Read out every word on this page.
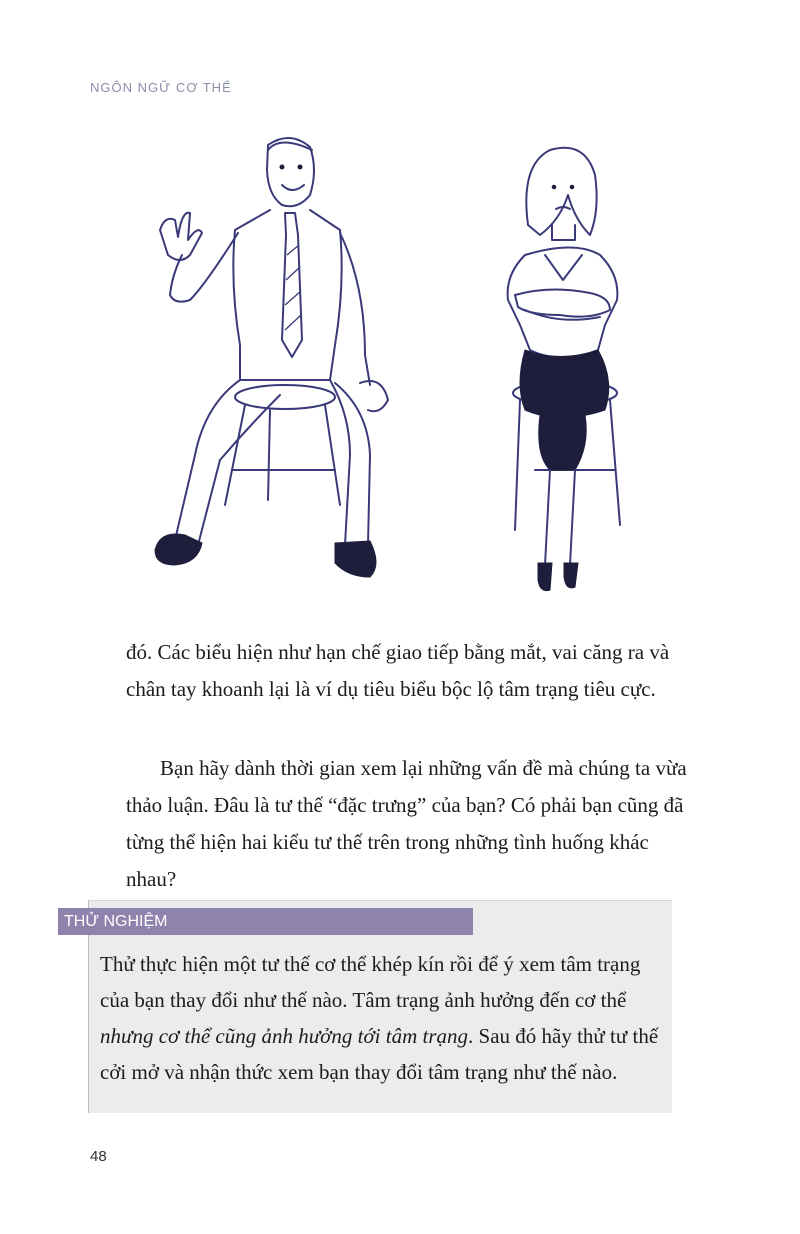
NGÔN NGỮ CƠ THỂ

đó. Các biểu hiện như hạn chế giao tiếp bằng mắt, vai căng ra và chân tay khoanh lại là ví dụ tiêu biểu bộc lộ tâm trạng tiêu cực.

Bạn hãy dành thời gian xem lại những vấn đề mà chúng ta vừa thảo luận. Đâu là tư thế “đặc trưng” của bạn? Có phải bạn cũng đã từng thể hiện hai kiểu tư thế trên trong những tình huống khác nhau?

THỬ NGHIỆM

Thử thực hiện một tư thế cơ thể khép kín rồi để ý xem tâm trạng của bạn thay đổi như thế nào. Tâm trạng ảnh hưởng đến cơ thể nhưng cơ thể cũng ảnh hưởng tới tâm trạng. Sau đó hãy thử tư thế cởi mở và nhận thức xem bạn thay đổi tâm trạng như thế nào.

48
